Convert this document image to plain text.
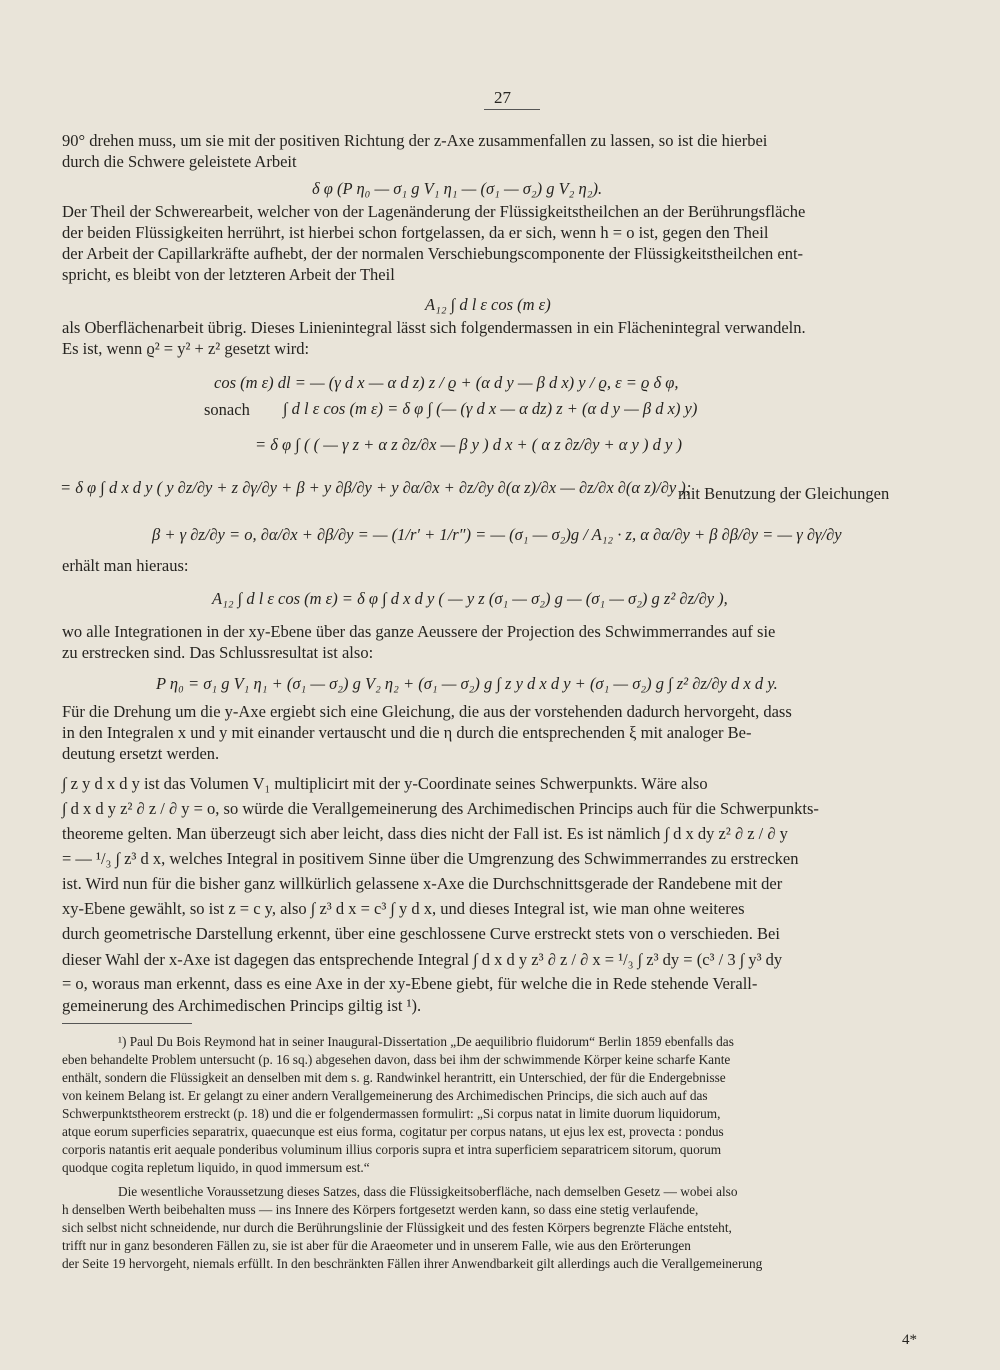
27
90° drehen muss, um sie mit der positiven Richtung der z-Axe zusammenfallen zu lassen, so ist die hierbei
durch die Schwere geleistete Arbeit
δ φ (P η₀ — σ₁ g V₁ η₁ — (σ₁ — σ₂) g V₂ η₂).
Der Theil der Schwerearbeit, welcher von der Lagenänderung der Flüssigkeitstheilchen an der Berührungsfläche
der beiden Flüssigkeiten herrührt, ist hierbei schon fortgelassen, da er sich, wenn h = o ist, gegen den Theil
der Arbeit der Capillarkräfte aufhebt, der der normalen Verschiebungscomponente der Flüssigkeitstheilchen ent-
spricht, es bleibt von der letzteren Arbeit der Theil
A₁₂ ∫ d l ε cos (m ε)
als Oberflächenarbeit übrig. Dieses Linienintegral lässt sich folgendermassen in ein Flächenintegral verwandeln.
Es ist, wenn ϱ² = y² + z² gesetzt wird:
cos (m ε) dl = — (γ d x — α d z) z / ϱ + (α d y — β d x) y / ϱ, ε = ϱ δ φ,
sonach ∫ d l ε cos (m ε) = δ φ ∫ (— (γ d x — α dz) z + (α d y — β d x) y)
= δ φ ∫ ( ( — γ z + α z ∂z/∂x — β y ) d x + ( α z ∂z/∂y + α y ) d y )
= δ φ ∫ d x d y ( y ∂z/∂y + z ∂γ/∂y + β + y ∂β/∂y + y ∂α/∂x + ∂z/∂y ∂(α z)/∂x — ∂z/∂x ∂(α z)/∂y );
mit Benutzung der Gleichungen
β + γ ∂z/∂y = o, ∂α/∂x + ∂β/∂y = — (1/r′ + 1/r″) = — (σ₁ — σ₂)g / A₁₂ · z, α ∂α/∂y + β ∂β/∂y = — γ ∂γ/∂y
erhält man hieraus:
A₁₂ ∫ d l ε cos (m ε) = δ φ ∫ d x d y ( — y z (σ₁ — σ₂) g — (σ₁ — σ₂) g z² ∂z/∂y ),
wo alle Integrationen in der xy-Ebene über das ganze Aeussere der Projection des Schwimmerrandes auf sie
zu erstrecken sind. Das Schlussresultat ist also:
P η₀ = σ₁ g V₁ η₁ + (σ₁ — σ₂) g V₂ η₂ + (σ₁ — σ₂) g ∫ z y d x d y + (σ₁ — σ₂) g ∫ z² ∂z/∂y d x d y.
Für die Drehung um die y-Axe ergiebt sich eine Gleichung, die aus der vorstehenden dadurch hervorgeht, dass
in den Integralen x und y mit einander vertauscht und die η durch die entsprechenden ξ mit analoger Be-
deutung ersetzt werden.
∫ z y d x d y ist das Volumen V₁ multiplicirt mit der y-Coordinate seines Schwerpunkts. Wäre also
∫ d x d y z² ∂ z / ∂ y = o, so würde die Verallgemeinerung des Archimedischen Princips auch für die Schwerpunkts-
theoreme gelten. Man überzeugt sich aber leicht, dass dies nicht der Fall ist. Es ist nämlich ∫ d x dy z² ∂ z / ∂ y
= — ¹/₃ ∫ z³ d x, welches Integral in positivem Sinne über die Umgrenzung des Schwimmerrandes zu erstrecken
ist. Wird nun für die bisher ganz willkürlich gelassene x-Axe die Durchschnittsgerade der Randebene mit der
xy-Ebene gewählt, so ist z = c y, also ∫ z³ d x = c³ ∫ y d x, und dieses Integral ist, wie man ohne weiteres
durch geometrische Darstellung erkennt, über eine geschlossene Curve erstreckt stets von o verschieden. Bei
dieser Wahl der x-Axe ist dagegen das entsprechende Integral ∫ d x d y z³ ∂ z / ∂ x = ¹/₃ ∫ z³ dy = (c³ / 3 ∫ y³ dy
= o, woraus man erkennt, dass es eine Axe in der xy-Ebene giebt, für welche die in Rede stehende Verall-
gemeinerung des Archimedischen Princips giltig ist ¹).
¹) Paul Du Bois Reymond hat in seiner Inaugural-Dissertation „De aequilibrio fluidorum“ Berlin 1859 ebenfalls das
eben behandelte Problem untersucht (p. 16 sq.) abgesehen davon, dass bei ihm der schwimmende Körper keine scharfe Kante
enthält, sondern die Flüssigkeit an denselben mit dem s. g. Randwinkel herantritt, ein Unterschied, der für die Endergebnisse
von keinem Belang ist. Er gelangt zu einer andern Verallgemeinerung des Archimedischen Princips, die sich auch auf das
Schwerpunktstheorem erstreckt (p. 18) und die er folgendermassen formulirt: „Si corpus natat in limite duorum liquidorum,
atque eorum superficies separatrix, quaecunque est eius forma, cogitatur per corpus natans, ut ejus lex est, provecta : pondus
corporis natantis erit aequale ponderibus voluminum illius corporis supra et intra superficiem separatricem sitorum, quorum
quodque cogita repletum liquido, in quod immersum est.“
Die wesentliche Voraussetzung dieses Satzes, dass die Flüssigkeitsoberfläche, nach demselben Gesetz — wobei also
h denselben Werth beibehalten muss — ins Innere des Körpers fortgesetzt werden kann, so dass eine stetig verlaufende,
sich selbst nicht schneidende, nur durch die Berührungslinie der Flüssigkeit und des festen Körpers begrenzte Fläche entsteht,
trifft nur in ganz besonderen Fällen zu, sie ist aber für die Araeometer und in unserem Falle, wie aus den Erörterungen
der Seite 19 hervorgeht, niemals erfüllt. In den beschränkten Fällen ihrer Anwendbarkeit gilt allerdings auch die Verallgemeinerung
4*
